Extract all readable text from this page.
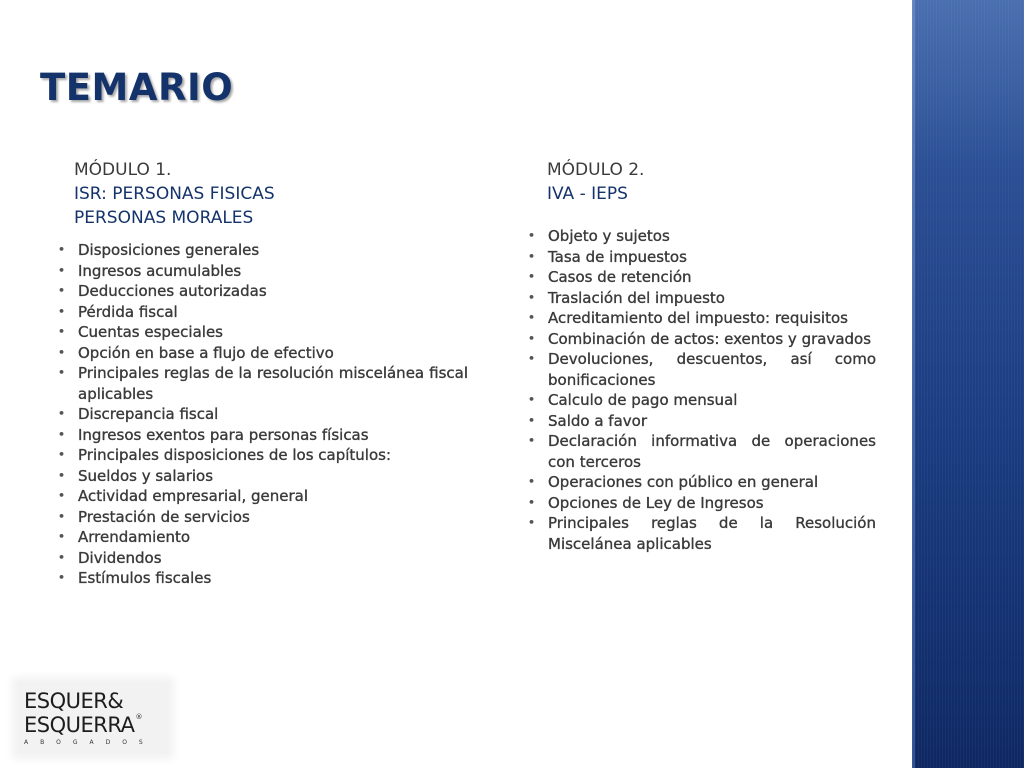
TEMARIO
MÓDULO 1.
ISR: PERSONAS FISICAS
PERSONAS MORALES
• Disposiciones generales
• Ingresos acumulables
• Deducciones autorizadas
• Pérdida fiscal
• Cuentas especiales
• Opción en base a flujo de efectivo
• Principales reglas de la resolución miscelánea fiscal aplicables
• Discrepancia fiscal
• Ingresos exentos para personas físicas
• Principales disposiciones de los capítulos:
• Sueldos y salarios
• Actividad empresarial, general
• Prestación de servicios
• Arrendamiento
• Dividendos
• Estímulos fiscales
MÓDULO 2.
IVA - IEPS
• Objeto y sujetos
• Tasa de impuestos
• Casos de retención
• Traslación del impuesto
• Acreditamiento del impuesto: requisitos
• Combinación de actos: exentos y gravados
• Devoluciones, descuentos, así como bonificaciones
• Calculo de pago mensual
• Saldo a favor
• Declaración informativa de operaciones con terceros
• Operaciones con público en general
• Opciones de Ley de Ingresos
• Principales reglas de la Resolución Miscelánea aplicables
ESQUER&
ESQUERRA®
ABOGADOS
